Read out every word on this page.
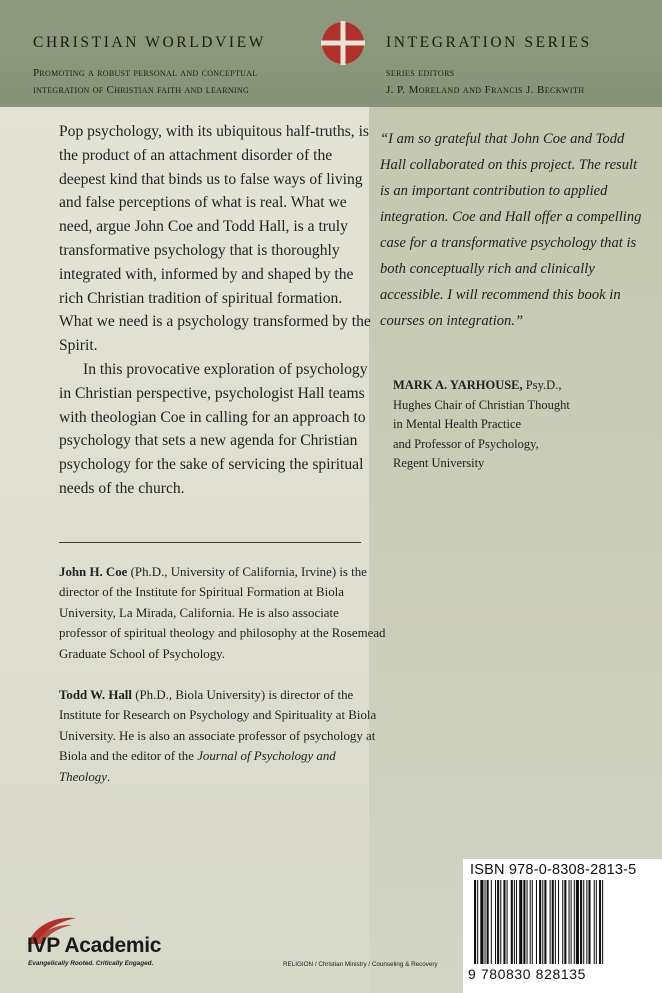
CHRISTIAN WORLDVIEW	INTEGRATION SERIES
Promoting a robust personal and conceptual
integration of Christian faith and learning
series editors
J. P. Moreland and Francis J. Beckwith

Pop psychology, with its ubiquitous half-truths, is the product of an attachment disorder of the deepest kind that binds us to false ways of living and false perceptions of what is real. What we need, argue John Coe and Todd Hall, is a truly transformative psychology that is thoroughly integrated with, informed by and shaped by the rich Christian tradition of spiritual formation. What we need is a psychology transformed by the Spirit.

In this provocative exploration of psychology in Christian perspective, psychologist Hall teams with theologian Coe in calling for an approach to psychology that sets a new agenda for Christian psychology for the sake of servicing the spiritual needs of the church.

John H. Coe (Ph.D., University of California, Irvine) is the director of the Institute for Spiritual Formation at Biola University, La Mirada, California. He is also associate professor of spiritual theology and philosophy at the Rosemead Graduate School of Psychology.

Todd W. Hall (Ph.D., Biola University) is director of the Institute for Research on Psychology and Spirituality at Biola University. He is also an associate professor of psychology at Biola and the editor of the Journal of Psychology and Theology.

“I am so grateful that John Coe and Todd Hall collaborated on this project. The result is an important contribution to applied integration. Coe and Hall offer a compelling case for a transformative psychology that is both conceptually rich and clinically accessible. I will recommend this book in courses on integration.”
MARK A. YARHOUSE, Psy.D.,
Hughes Chair of Christian Thought
in Mental Health Practice
and Professor of Psychology,
Regent University
ISBN 978-0-8308-2813-5
9 780830 828135
RELIGION / Christian Ministry / Counseling & Recovery
IVP Academic
Evangelically Rooted. Critically Engaged.
